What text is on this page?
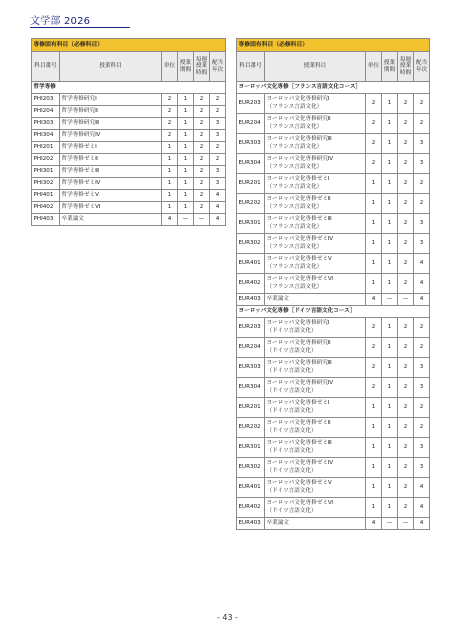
文学部 2026
専修固有科目（必修科目）					
科目番号	授業科目	単位	授業期間	毎週授業時間	配当年次
哲学専修					
PHI203	哲学専修研究Ⅰ	2	1	2	2
PHI204	哲学専修研究Ⅱ	2	1	2	2
PHI303	哲学専修研究Ⅲ	2	1	2	3
PHI304	哲学専修研究Ⅳ	2	1	2	3
PHI201	哲学専修ゼミⅠ	1	1	2	2
PHI202	哲学専修ゼミⅡ	1	1	2	2
PHI301	哲学専修ゼミⅢ	1	1	2	3
PHI302	哲学専修ゼミⅣ	1	1	2	3
PHI401	哲学専修ゼミⅤ	1	1	2	4
PHI402	哲学専修ゼミⅥ	1	1	2	4
PHI403	卒業論文	4	—	—	4
専修固有科目（必修科目）					
科目番号	授業科目	単位	授業期間	毎週授業時間	配当年次
ヨーロッパ文化専修［フランス言語文化コース］					
EUR203	ヨーロッパ文化専修研究Ⅰ
（フランス言語文化）	2	1	2	2
EUR204	ヨーロッパ文化専修研究Ⅱ
（フランス言語文化）	2	1	2	2
EUR303	ヨーロッパ文化専修研究Ⅲ
（フランス言語文化）	2	1	2	3
EUR304	ヨーロッパ文化専修研究Ⅳ
（フランス言語文化）	2	1	2	3
EUR201	ヨーロッパ文化専修ゼミⅠ
（フランス言語文化）	1	1	2	2
EUR202	ヨーロッパ文化専修ゼミⅡ
（フランス言語文化）	1	1	2	2
EUR301	ヨーロッパ文化専修ゼミⅢ
（フランス言語文化）	1	1	2	3
EUR302	ヨーロッパ文化専修ゼミⅣ
（フランス言語文化）	1	1	2	3
EUR401	ヨーロッパ文化専修ゼミⅤ
（フランス言語文化）	1	1	2	4
EUR402	ヨーロッパ文化専修ゼミⅥ
（フランス言語文化）	1	1	2	4
EUR403	卒業論文	4	—	—	4
ヨーロッパ文化専修［ドイツ言語文化コース］					
EUR203	ヨーロッパ文化専修研究Ⅰ
（ドイツ言語文化）	2	1	2	2
EUR204	ヨーロッパ文化専修研究Ⅱ
（ドイツ言語文化）	2	1	2	2
EUR303	ヨーロッパ文化専修研究Ⅲ
（ドイツ言語文化）	2	1	2	3
EUR304	ヨーロッパ文化専修研究Ⅳ
（ドイツ言語文化）	2	1	2	3
EUR201	ヨーロッパ文化専修ゼミⅠ
（ドイツ言語文化）	1	1	2	2
EUR202	ヨーロッパ文化専修ゼミⅡ
（ドイツ言語文化）	1	1	2	2
EUR301	ヨーロッパ文化専修ゼミⅢ
（ドイツ言語文化）	1	1	2	3
EUR302	ヨーロッパ文化専修ゼミⅣ
（ドイツ言語文化）	1	1	2	3
EUR401	ヨーロッパ文化専修ゼミⅤ
（ドイツ言語文化）	1	1	2	4
EUR402	ヨーロッパ文化専修ゼミⅥ
（ドイツ言語文化）	1	1	2	4
EUR403	卒業論文	4	—	—	4
- 43 -
